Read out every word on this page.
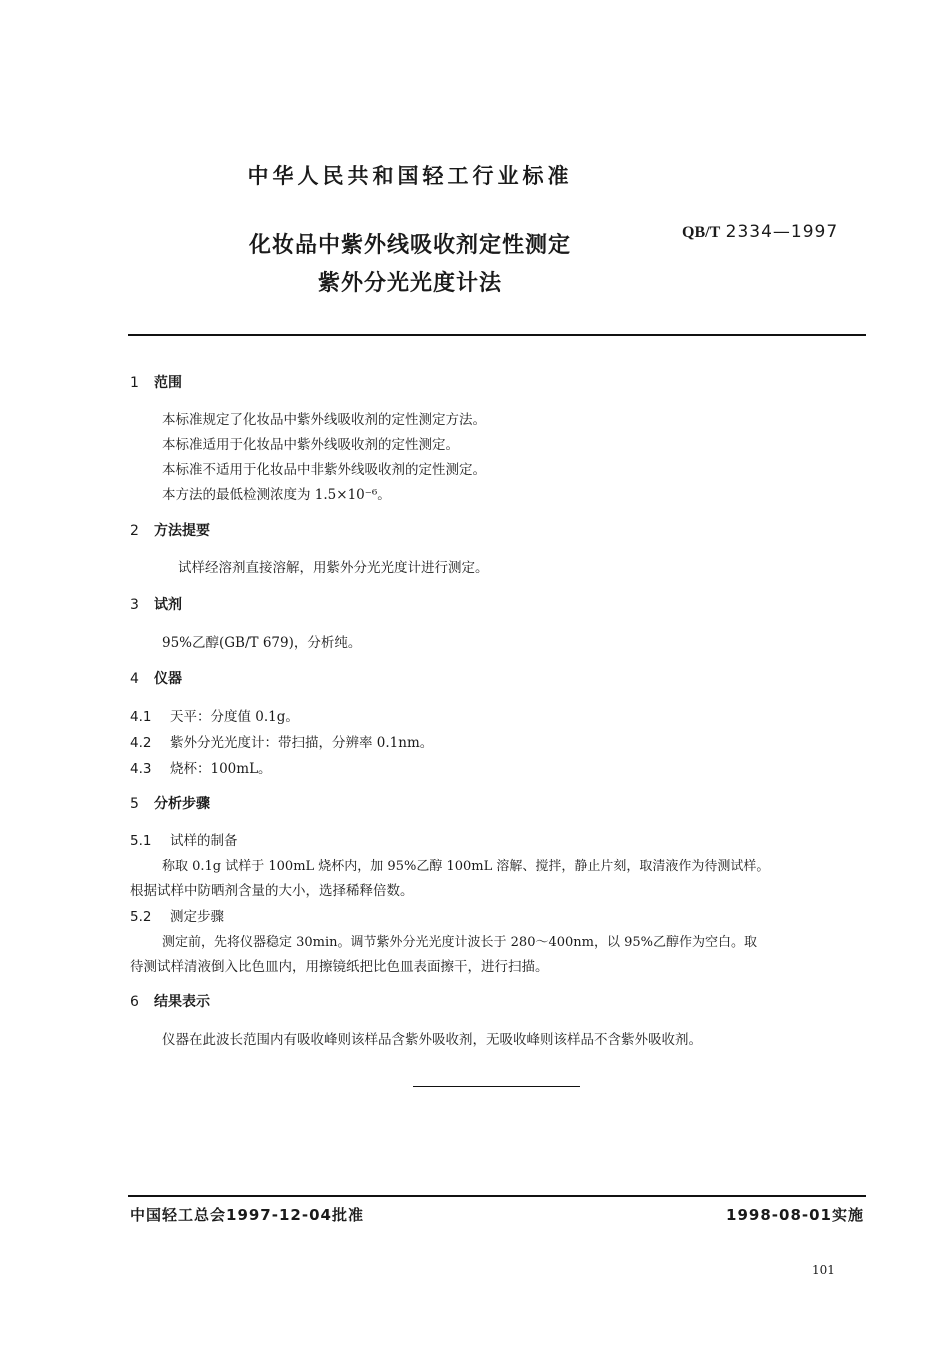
中华人民共和国轻工行业标准
化妆品中紫外线吸收剂定性测定
紫外分光光度计法
QB/T 2334—1997
1 范围
本标准规定了化妆品中紫外线吸收剂的定性测定方法。
本标准适用于化妆品中紫外线吸收剂的定性测定。
本标准不适用于化妆品中非紫外线吸收剂的定性测定。
本方法的最低检测浓度为 1.5×10⁻⁶。
2 方法提要
试样经溶剂直接溶解，用紫外分光光度计进行测定。
3 试剂
95%乙醇(GB/T 679)，分析纯。
4 仪器
4.1 天平：分度值 0.1g。
4.2 紫外分光光度计：带扫描，分辨率 0.1nm。
4.3 烧杯：100mL。
5 分析步骤
5.1 试样的制备
称取 0.1g 试样于 100mL 烧杯内，加 95%乙醇 100mL 溶解、搅拌，静止片刻，取清液作为待测试样。
根据试样中防晒剂含量的大小，选择稀释倍数。
5.2 测定步骤
测定前，先将仪器稳定 30min。调节紫外分光光度计波长于 280～400nm，以 95%乙醇作为空白。取
待测试样清液倒入比色皿内，用擦镜纸把比色皿表面擦干，进行扫描。
6 结果表示
仪器在此波长范围内有吸收峰则该样品含紫外吸收剂，无吸收峰则该样品不含紫外吸收剂。
中国轻工总会1997-12-04批准	1998-08-01实施
101
